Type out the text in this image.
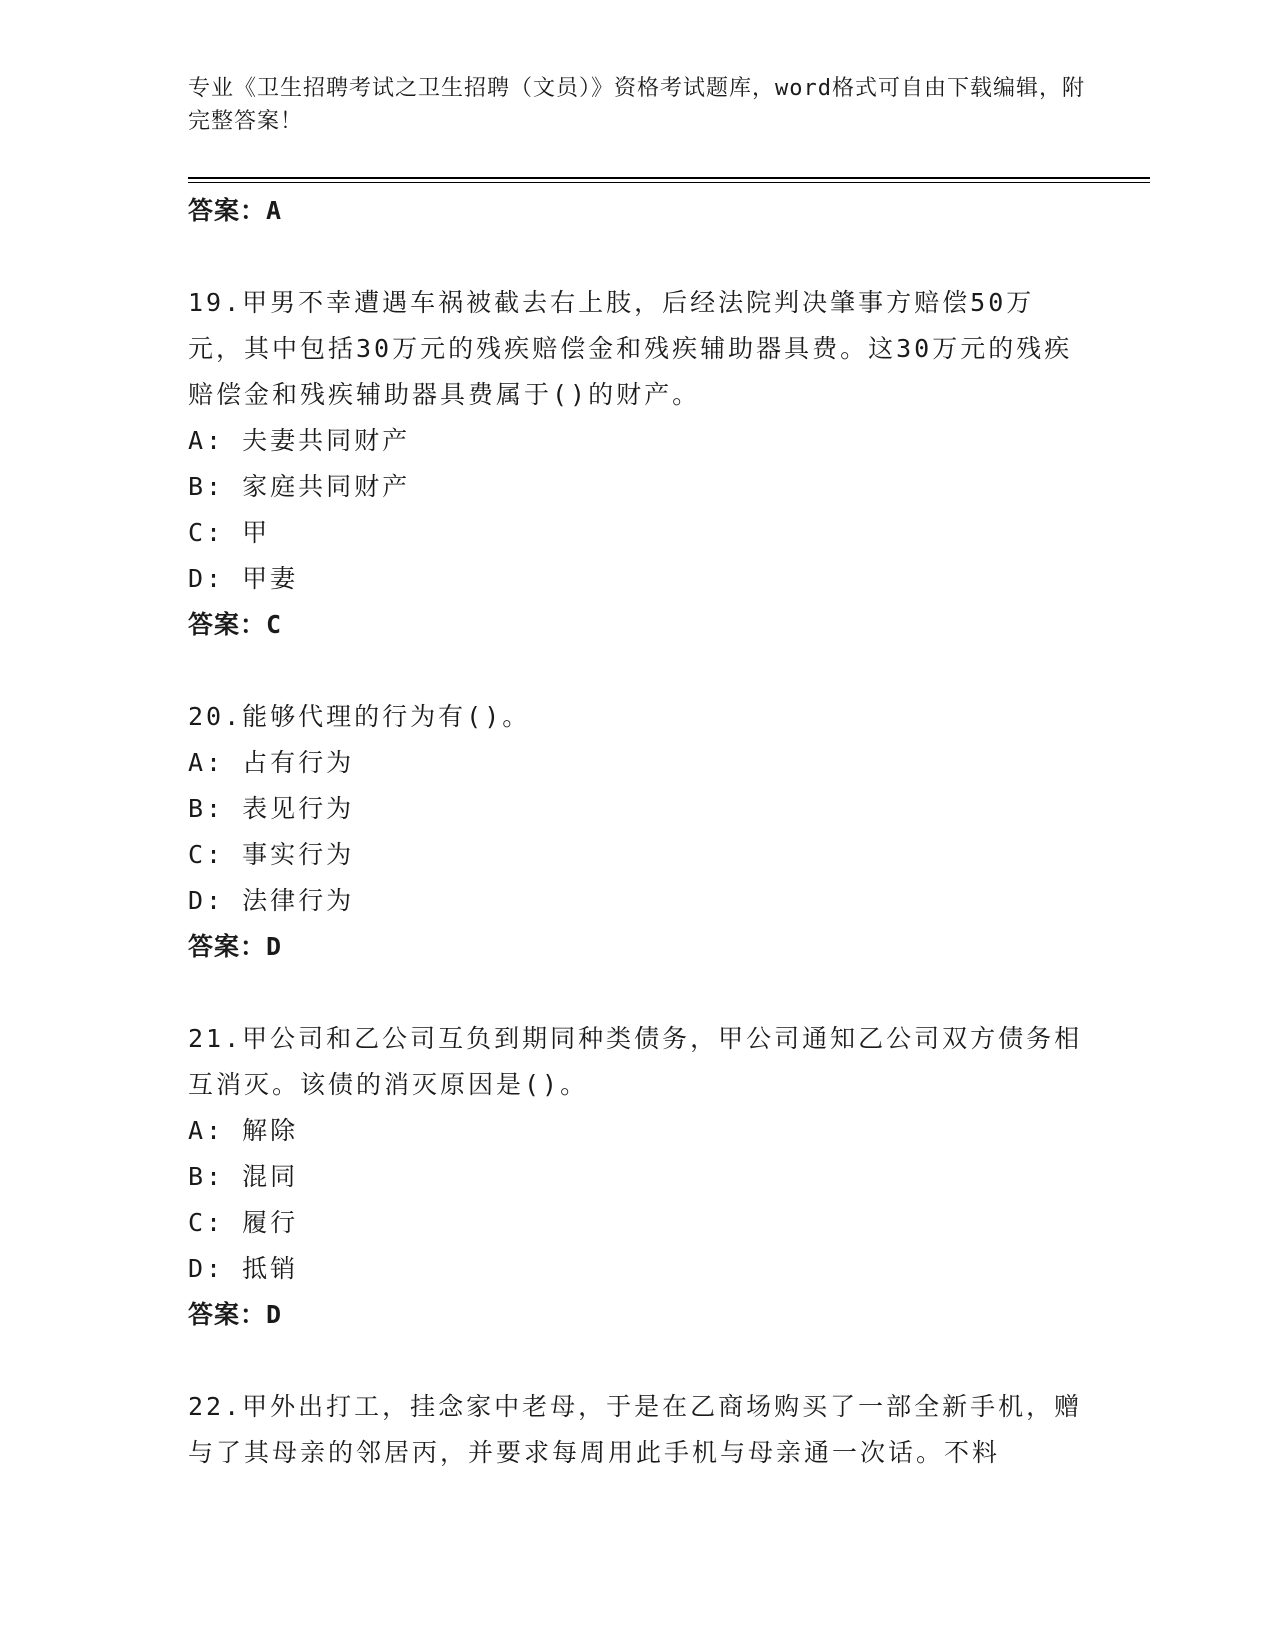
专业《卫生招聘考试之卫生招聘（文员）》资格考试题库，word格式可自由下载编辑，附完整答案！

答案：A

19.甲男不幸遭遇车祸被截去右上肢，后经法院判决肇事方赔偿50万元，其中包括30万元的残疾赔偿金和残疾辅助器具费。这30万元的残疾赔偿金和残疾辅助器具费属于()的财产。

A: 夫妻共同财产

B: 家庭共同财产

C: 甲

D: 甲妻

答案：C

20.能够代理的行为有()。

A: 占有行为

B: 表见行为

C: 事实行为

D: 法律行为

答案：D

21.甲公司和乙公司互负到期同种类债务，甲公司通知乙公司双方债务相互消灭。该债的消灭原因是()。

A: 解除

B: 混同

C: 履行

D: 抵销

答案：D

22.甲外出打工，挂念家中老母，于是在乙商场购买了一部全新手机，赠与了其母亲的邻居丙，并要求每周用此手机与母亲通一次话。不料
